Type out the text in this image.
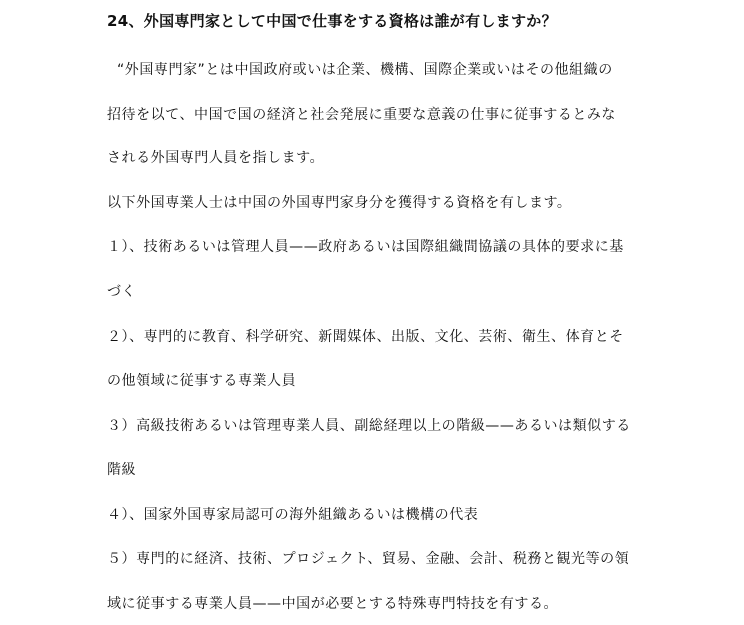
24、外国専門家として中国で仕事をする資格は誰が有しますか？
“外国専門家”とは中国政府或いは企業、機構、国際企業或いはその他組織の
招待を以て、中国で国の経済と社会発展に重要な意義の仕事に従事するとみな
される外国専門人員を指します。
以下外国専業人士は中国の外国専門家身分を獲得する資格を有します。
１）、技術あるいは管理人員——政府あるいは国際組織間協議の具体的要求に基
づく
２）、専門的に教育、科学研究、新聞媒体、出版、文化、芸術、衛生、体育とそ
の他領域に従事する専業人員
３）高級技術あるいは管理専業人員、副総経理以上の階級——あるいは類似する
階級
４）、国家外国専家局認可の海外組織あるいは機構の代表
５）専門的に経済、技術、プロジェクト、貿易、金融、会計、税務と観光等の領
域に従事する専業人員——中国が必要とする特殊専門特技を有する。
